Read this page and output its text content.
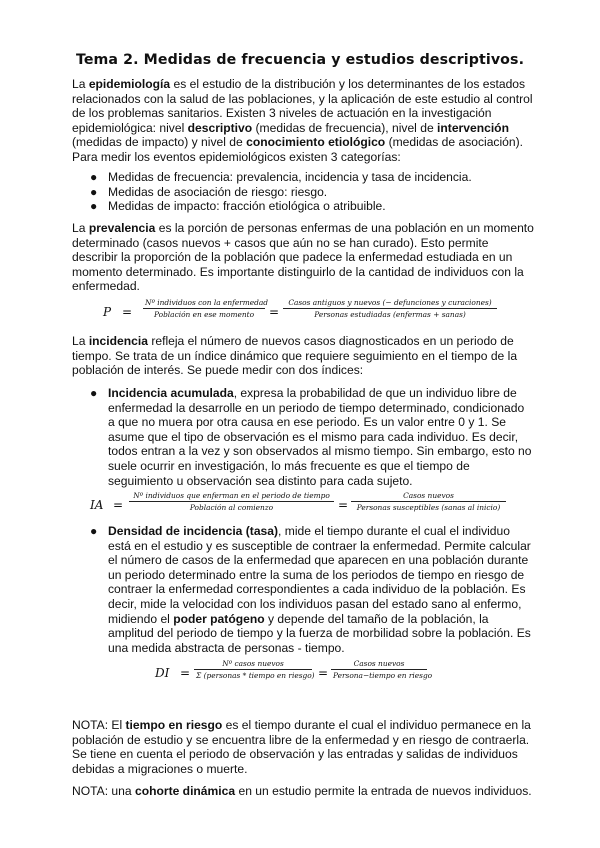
Tema 2. Medidas de frecuencia y estudios descriptivos.

La epidemiología es el estudio de la distribución y los determinantes de los estados relacionados con la salud de las poblaciones, y la aplicación de este estudio al control de los problemas sanitarios. Existen 3 niveles de actuación en la investigación epidemiológica: nivel descriptivo (medidas de frecuencia), nivel de intervención (medidas de impacto) y nivel de conocimiento etiológico (medidas de asociación). Para medir los eventos epidemiológicos existen 3 categorías:

● Medidas de frecuencia: prevalencia, incidencia y tasa de incidencia.
● Medidas de asociación de riesgo: riesgo.
● Medidas de impacto: fracción etiológica o atribuible.

La prevalencia es la porción de personas enfermas de una población en un momento determinado (casos nuevos + casos que aún no se han curado). Esto permite describir la proporción de la población que padece la enfermedad estudiada en un momento determinado. Es importante distinguirlo de la cantidad de individuos con la enfermedad.

P =
Nº individuos con la enfermedad
Población en ese momento	=
Casos antiguos y nuevos (− defunciones y curaciones)
Personas estudiadas (enfermas + sanas)

La incidencia refleja el número de nuevos casos diagnosticados en un periodo de tiempo. Se trata de un índice dinámico que requiere seguimiento en el tiempo de la población de interés. Se puede medir con dos índices:

● Incidencia acumulada, expresa la probabilidad de que un individuo libre de enfermedad la desarrolle en un periodo de tiempo determinado, condicionado a que no muera por otra causa en ese periodo. Es un valor entre 0 y 1. Se asume que el tipo de observación es el mismo para cada individuo. Es decir, todos entran a la vez y son observados al mismo tiempo. Sin embargo, esto no suele ocurrir en investigación, lo más frecuente es que el tiempo de seguimiento u observación sea distinto para cada sujeto.
IA =
Nº individuos que enferman en el periodo de tiempo
Población al comienzo	=
Casos nuevos
Personas susceptibles (sanas al inicio)
● Densidad de incidencia (tasa), mide el tiempo durante el cual el individuo está en el estudio y es susceptible de contraer la enfermedad. Permite calcular el número de casos de la enfermedad que aparecen en una población durante un periodo determinado entre la suma de los periodos de tiempo en riesgo de contraer la enfermedad correspondientes a cada individuo de la población. Es decir, mide la velocidad con los individuos pasan del estado sano al enfermo, midiendo el poder patógeno y depende del tamaño de la población, la amplitud del periodo de tiempo y la fuerza de morbilidad sobre la población. Es una medida abstracta de personas - tiempo.
DI =
Nº casos nuevos
Σ (personas * tiempo en riesgo) =
Casos nuevos
Persona−tiempo en riesgo

NOTA: El tiempo en riesgo es el tiempo durante el cual el individuo permanece en la población de estudio y se encuentra libre de la enfermedad y en riesgo de contraerla. Se tiene en cuenta el periodo de observación y las entradas y salidas de individuos debidas a migraciones o muerte.

NOTA: una cohorte dinámica en un estudio permite la entrada de nuevos individuos.
